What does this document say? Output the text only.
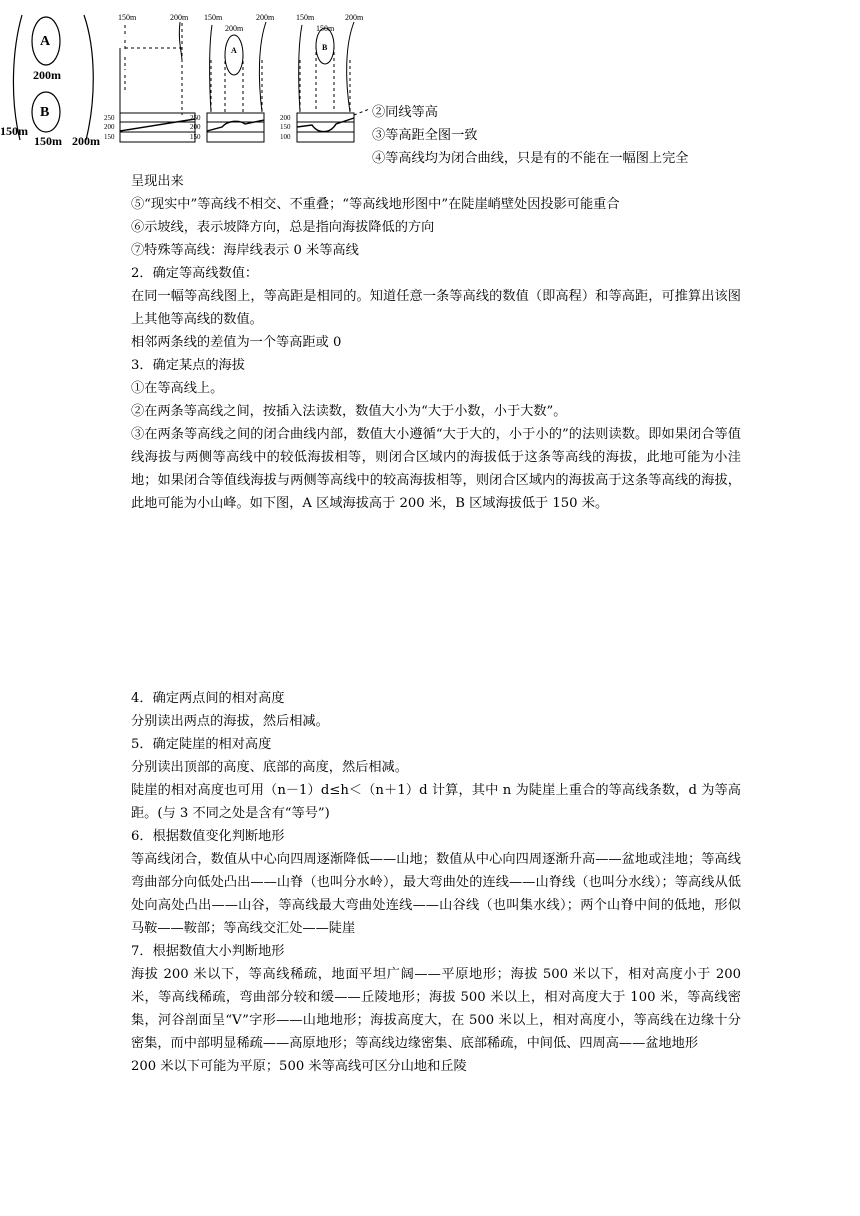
A
200m
B
150m
150m
200m
150m	200m
250
200
150
150m
200m
A
200m
250
200
150
150m
150m
B
200m
200
150
100

②同线等高

③等高距全图一致

④等高线均为闭合曲线，只是有的不能在一幅图上完全

呈现出来

⑤“现实中”等高线不相交、不重叠；“等高线地形图中”在陡崖峭壁处因投影可能重合

⑥示坡线，表示坡降方向，总是指向海拔降低的方向

⑦特殊等高线：海岸线表示 0 米等高线

2．确定等高线数值：

在同一幅等高线图上，等高距是相同的。知道任意一条等高线的数值（即高程）和等高距，可推算出该图上其他等高线的数值。

相邻两条线的差值为一个等高距或 0

3．确定某点的海拔

①在等高线上。

②在两条等高线之间，按插入法读数，数值大小为“大于小数，小于大数”。

③在两条等高线之间的闭合曲线内部，数值大小遵循“大于大的，小于小的”的法则读数。即如果闭合等值线海拔与两侧等高线中的较低海拔相等，则闭合区域内的海拔低于这条等高线的海拔，此地可能为小洼地；如果闭合等值线海拔与两侧等高线中的较高海拔相等，则闭合区域内的海拔高于这条等高线的海拔，此地可能为小山峰。如下图，A 区域海拔高于 200 米，B 区域海拔低于 150 米。

4．确定两点间的相对高度

分别读出两点的海拔，然后相减。

5．确定陡崖的相对高度

分别读出顶部的高度、底部的高度，然后相减。

陡崖的相对高度也可用（n－1）d≤h＜（n＋1）d 计算，其中 n 为陡崖上重合的等高线条数，d 为等高距。(与 3 不同之处是含有“等号”)

6．根据数值变化判断地形

等高线闭合，数值从中心向四周逐渐降低——山地；数值从中心向四周逐渐升高——盆地或洼地；等高线弯曲部分向低处凸出——山脊（也叫分水岭），最大弯曲处的连线——山脊线（也叫分水线）；等高线从低处向高处凸出——山谷，等高线最大弯曲处连线——山谷线（也叫集水线）；两个山脊中间的低地，形似马鞍——鞍部；等高线交汇处——陡崖

7．根据数值大小判断地形

海拔 200 米以下，等高线稀疏，地面平坦广阔——平原地形；海拔 500 米以下，相对高度小于 200 米，等高线稀疏，弯曲部分较和缓——丘陵地形；海拔 500 米以上，相对高度大于 100 米，等高线密集，河谷剖面呈“V”字形——山地地形；海拔高度大，在 500 米以上，相对高度小，等高线在边缘十分密集，而中部明显稀疏——高原地形；等高线边缘密集、底部稀疏，中间低、四周高——盆地地形

200 米以下可能为平原；500 米等高线可区分山地和丘陵
